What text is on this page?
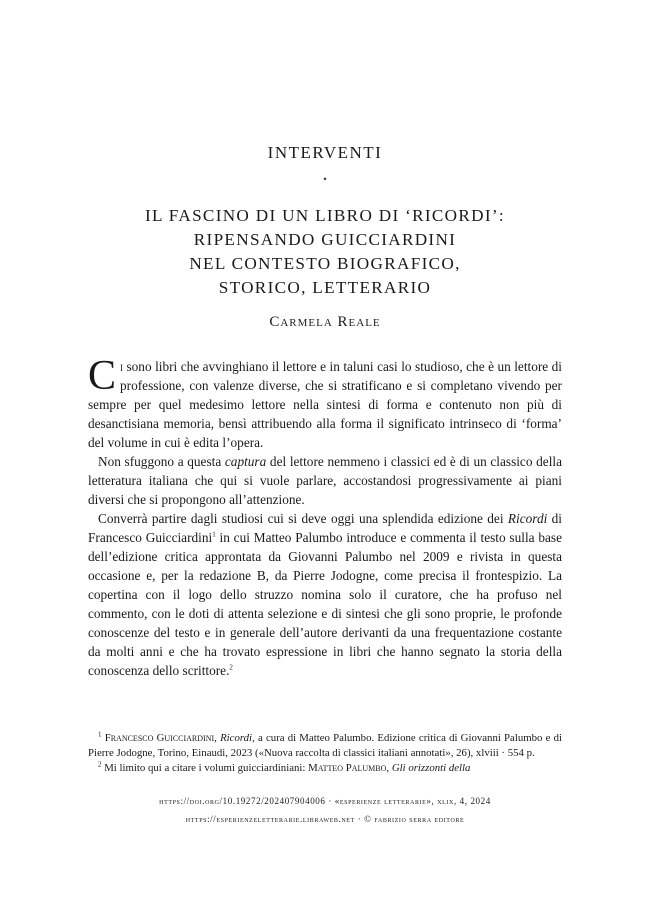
INTERVENTI
⋆
IL FASCINO DI UN LIBRO DI ‘RICORDI’:
RIPENSANDO GUICCIARDINI
NEL CONTESTO BIOGRAFICO,
STORICO, LETTERARIO
Carmela Reale

Ci sono libri che avvinghiano il lettore e in taluni casi lo studioso, che è un lettore di professione, con valenze diverse, che si stratificano e si completano vivendo per sempre per quel medesimo lettore nella sintesi di forma e contenuto non più di desanctisiana memoria, bensì attribuendo alla forma il significato intrinseco di ‘forma’ del volume in cui è edita l’opera.

Non sfuggono a questa captura del lettore nemmeno i classici ed è di un classico della letteratura italiana che qui si vuole parlare, accostandosi progressivamente ai piani diversi che si propongono all’attenzione.

Converrà partire dagli studiosi cui si deve oggi una splendida edizione dei Ricordi di Francesco Guicciardini$^1$ in cui Matteo Palumbo introduce e commenta il testo sulla base dell’edizione critica approntata da Giovanni Palumbo nel 2009 e rivista in questa occasione e, per la redazione B, da Pierre Jodogne, come precisa il frontespizio. La copertina con il logo dello struzzo nomina solo il curatore, che ha profuso nel commento, con le doti di attenta selezione e di sintesi che gli sono proprie, le profonde conoscenze del testo e in generale dell’autore derivanti da una frequentazione costante da molti anni e che ha trovato espressione in libri che hanno segnato la storia della conoscenza dello scrittore.$^2$

$^1$ Francesco Guicciardini, Ricordi, a cura di Matteo Palumbo. Edizione critica di Giovanni Palumbo e di Pierre Jodogne, Torino, Einaudi, 2023 («Nuova raccolta di classici italiani annotati», 26), xlviii · 554 p.

$^2$ Mi limito qui a citare i volumi guicciardiniani: Matteo Palumbo, Gli orizzonti della

https://doi.org/10.19272/202407904006 · «esperienze letterarie», xlix, 4, 2024
https://esperienzeletterarie.libraweb.net · © fabrizio serra editore
